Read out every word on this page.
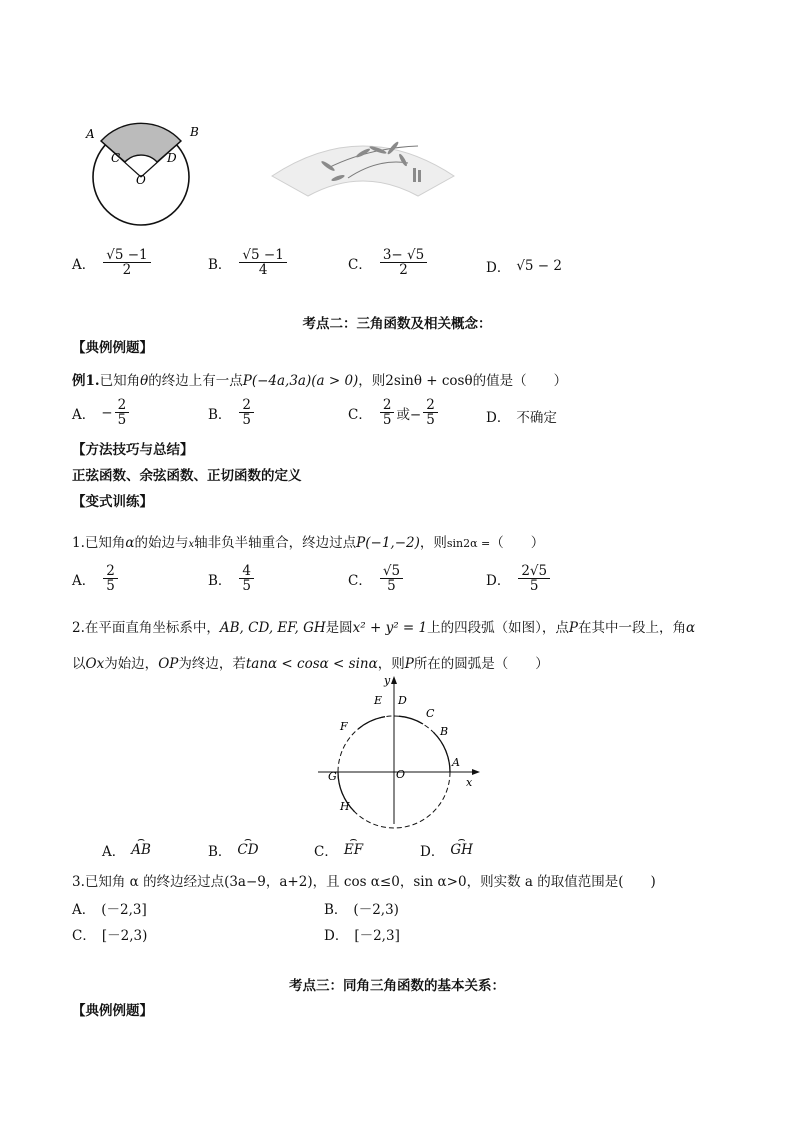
A	B
C	D
O
A． $\frac{√5 -1}{2}$	B． $\frac{√5 -1}{4}$	C． $\frac{3- √5}{2}$	D． √5 − 2
考点二：三角函数及相关概念：
【典例例题】
例1.已知角θ的终边上有一点P(−4a,3a)(a > 0)，则2sinθ + cosθ的值是（　　）
A． − $\frac{2}{5}$	B． $\frac{2}{5}$	C． $\frac{2}{5}$ 或− $\frac{2}{5}$	D． 不确定
【方法技巧与总结】
正弦函数、余弦函数、正切函数的定义
【变式训练】
1.已知角α的始边与x轴非负半轴重合，终边过点P(−1,−2)，则sin2α =（　　）
A． $\frac{2}{5}$	B． $\frac{4}{5}$	C． $\frac{√5}{5}$	D． $\frac{2√5}{5}$
2.在平面直角坐标系中，AB, CD, EF, GH是圆x² + y² = 1上的四段弧（如图），点P在其中一段上，角α
以Ox为始边，OP为终边，若tanα < cosα < sinα，则P所在的圆弧是（　　）
y
x
E D
C
B
F
A
G	O
H
A． ⌢ AB	B． ⌢ CD	C． ⌢ EF	D． ⌢ GH
3.已知角 α 的终边经过点(3a−9，a+2)，且 cos α≤0，sin α>0，则实数 a 的取值范围是(　　)
A． (－2,3]	B． (－2,3)
C． [－2,3)	D． [－2,3]
考点三：同角三角函数的基本关系：
【典例例题】
